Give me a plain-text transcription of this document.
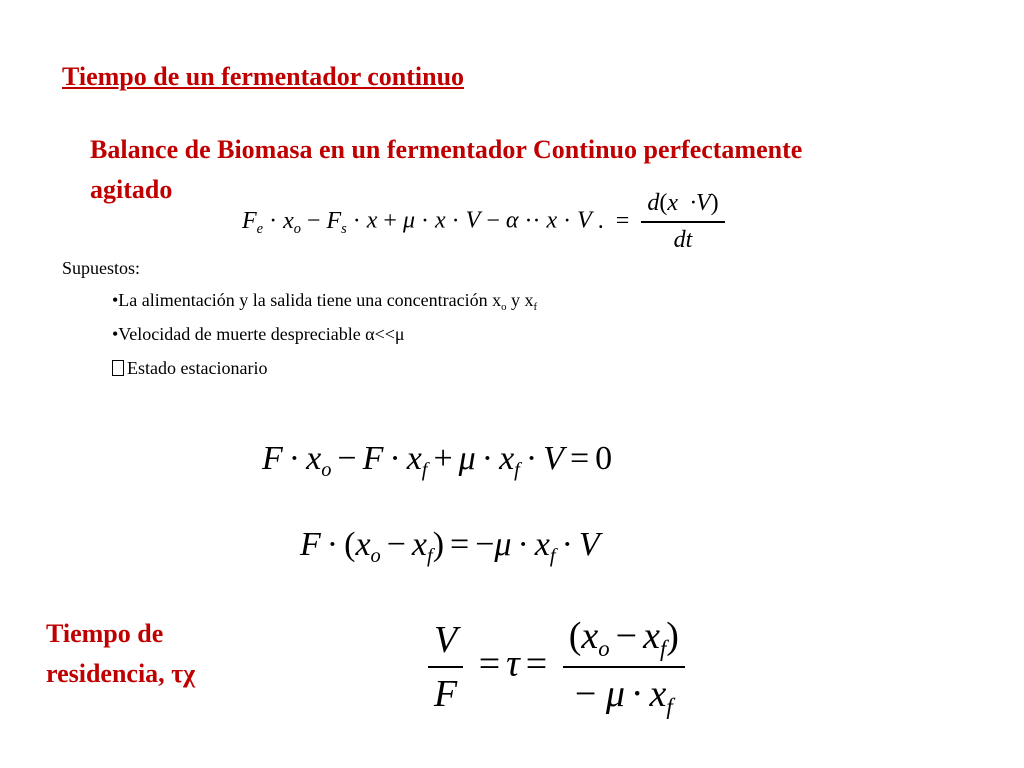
Tiempo de un fermentador continuo
Balance de Biomasa en un fermentador Continuo perfectamente agitado
$F_e \cdot x_o - F_s \cdot x + \mu \cdot x \cdot V - \alpha \cdot\cdot x \cdot V$ . = $\frac{d(x \cdot V)}{dt}$
Supuestos:
•La alimentación y la salida tiene una concentración $x_o$ y $x_f$
•Velocidad de muerte despreciable α<<μ
Estado estacionario
$F \cdot x_o - F \cdot x_f + \mu \cdot x_f \cdot V = 0$
$F \cdot (x_o - x_f) = -\mu \cdot x_f \cdot V$
Tiempo de
residencia, τχ	$\frac{V}{F} = \tau = \frac{(x_o - x_f)}{- \mu \cdot x_f}$
